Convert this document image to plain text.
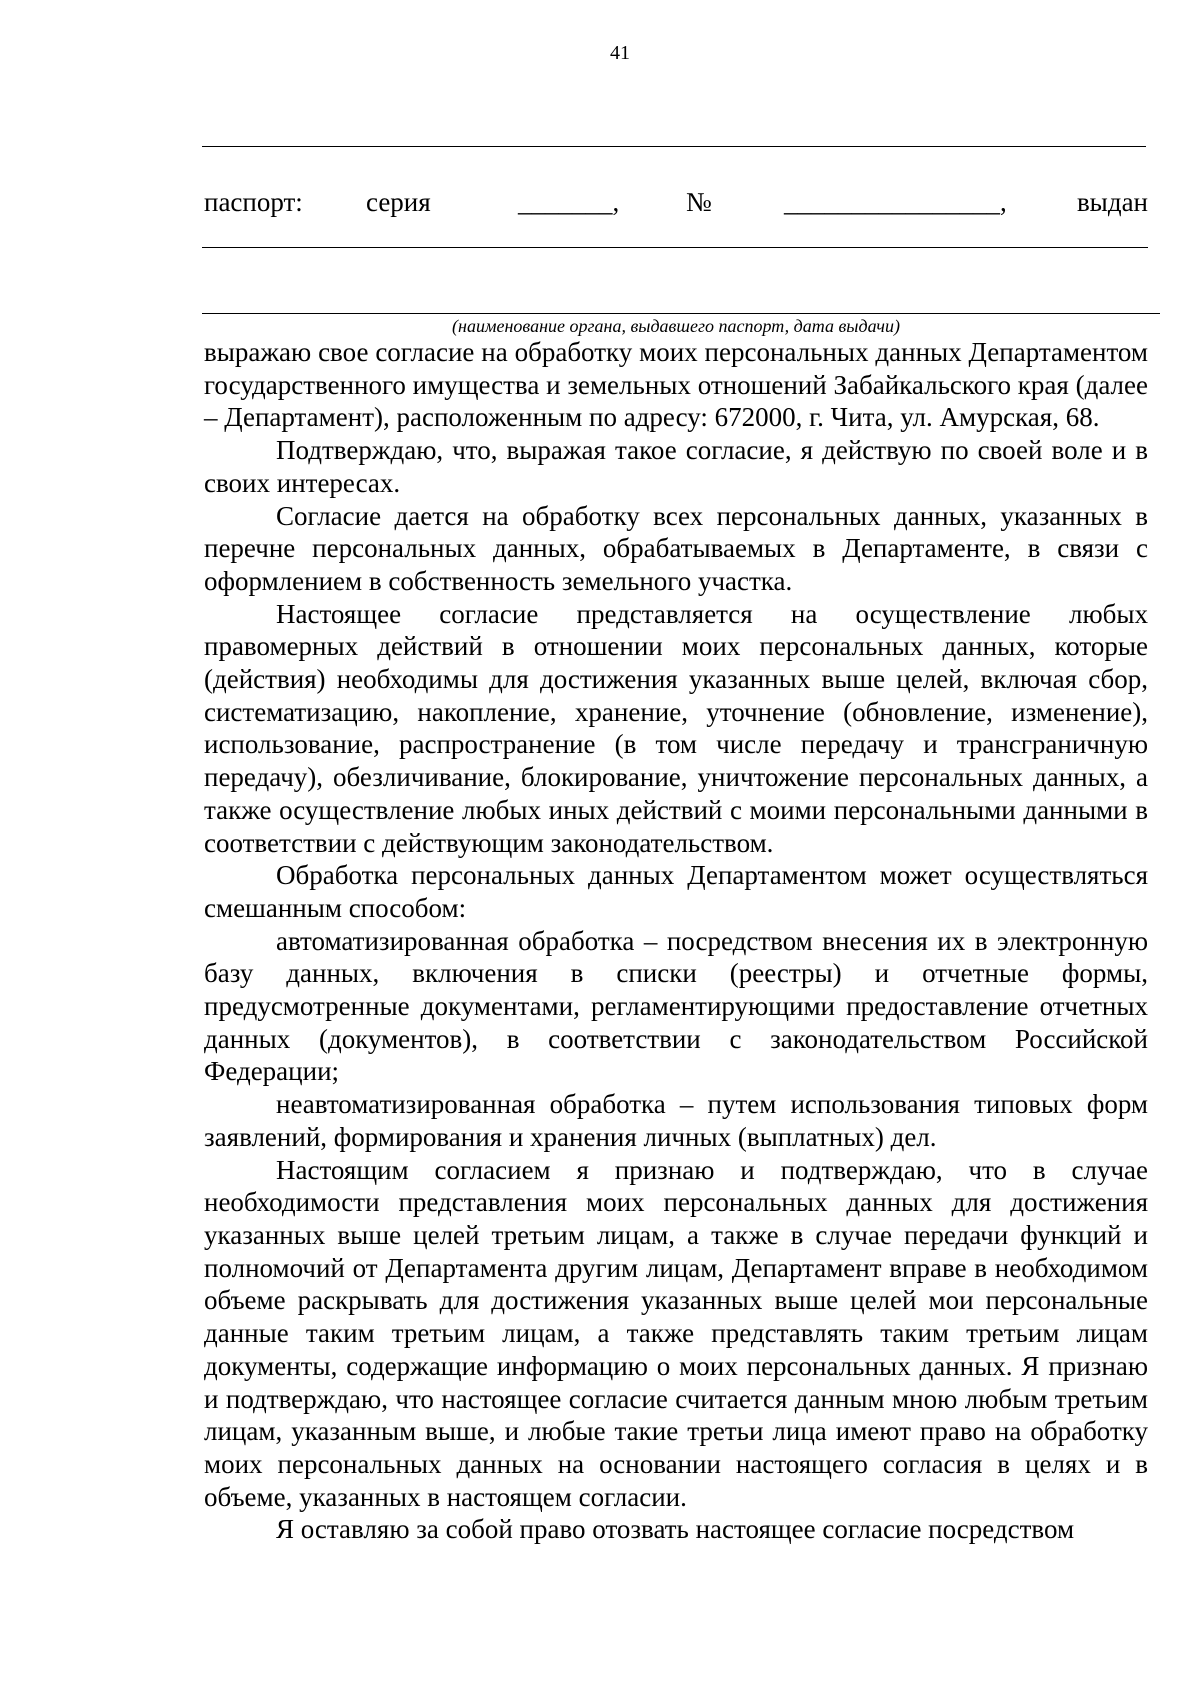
41
паспорт: серия	_______, №	________________,	выдан
(наименование органа, выдавшего паспорт, дата выдачи)

выражаю свое согласие на обработку моих персональных данных Департаментом государственного имущества и земельных отношений Забайкальского края (далее – Департамент), расположенным по адресу: 672000, г. Чита, ул. Амурская, 68.

Подтверждаю, что, выражая такое согласие, я действую по своей воле и в своих интересах.

Согласие дается на обработку всех персональных данных, указанных в перечне персональных данных, обрабатываемых в Департаменте, в связи с оформлением в собственность земельного участка.

Настоящее согласие представляется на осуществление любых правомерных действий в отношении моих персональных данных, которые (действия) необходимы для достижения указанных выше целей, включая сбор, систематизацию, накопление, хранение, уточнение (обновление, изменение), использование, распространение (в том числе передачу и трансграничную передачу), обезличивание, блокирование, уничтожение персональных данных, а также осуществление любых иных действий с моими персональными данными в соответствии с действующим законодательством.

Обработка персональных данных Департаментом может осуществляться смешанным способом:

автоматизированная обработка – посредством внесения их в электронную базу данных, включения в списки (реестры) и отчетные формы, предусмотренные документами, регламентирующими предоставление отчетных данных (документов), в соответствии с законодательством Российской Федерации;

неавтоматизированная обработка – путем использования типовых форм заявлений, формирования и хранения личных (выплатных) дел.

Настоящим согласием я признаю и подтверждаю, что в случае необходимости представления моих персональных данных для достижения указанных выше целей третьим лицам, а также в случае передачи функций и полномочий от Департамента другим лицам, Департамент вправе в необходимом объеме раскрывать для достижения указанных выше целей мои персональные данные таким третьим лицам, а также представлять таким третьим лицам документы, содержащие информацию о моих персональных данных. Я признаю и подтверждаю, что настоящее согласие считается данным мною любым третьим лицам, указанным выше, и любые такие третьи лица имеют право на обработку моих персональных данных на основании настоящего согласия в целях и в объеме, указанных в настоящем согласии.

Я оставляю за собой право отозвать настоящее согласие посредством
